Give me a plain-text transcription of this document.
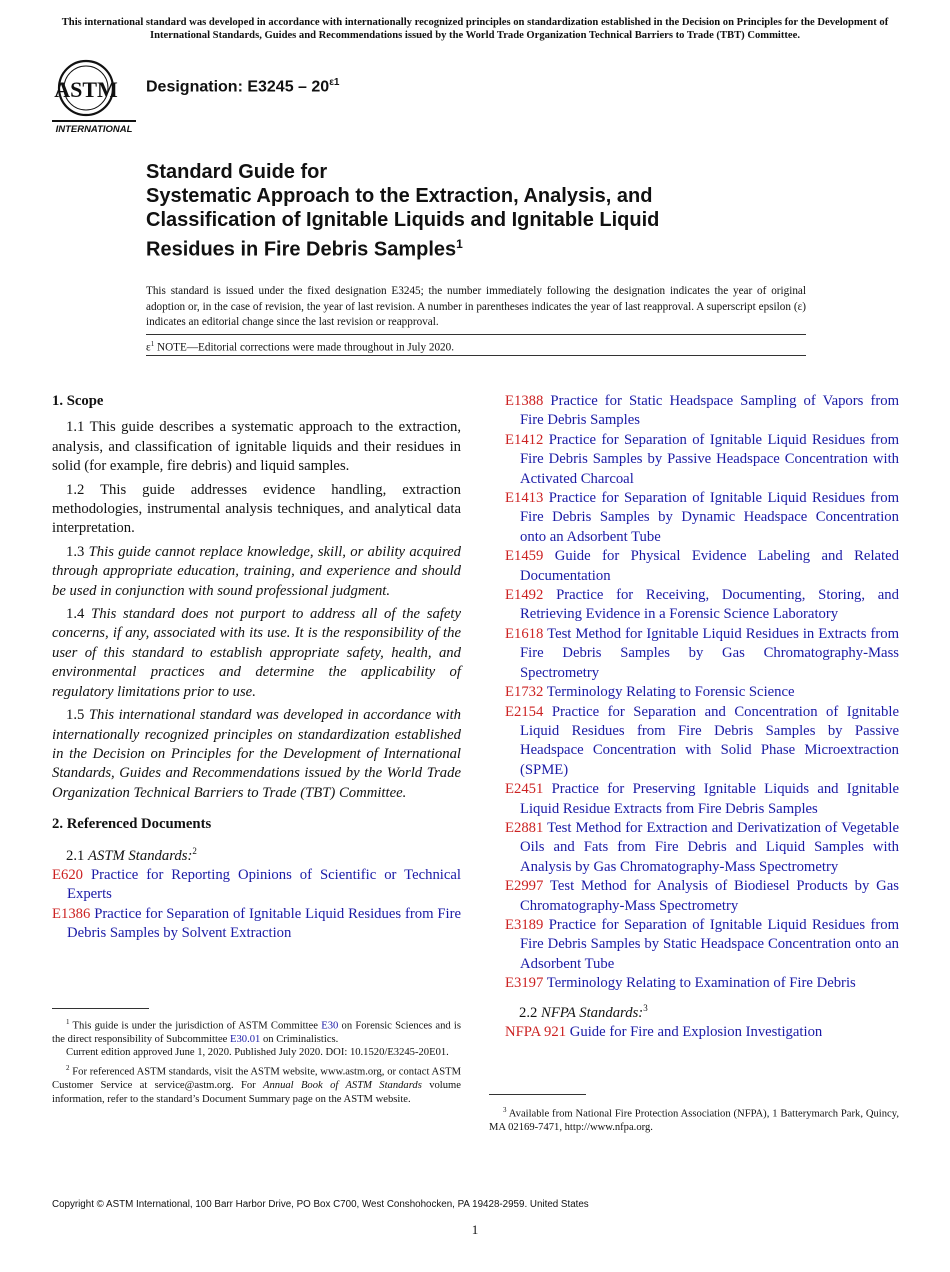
This international standard was developed in accordance with internationally recognized principles on standardization established in the Decision on Principles for the Development of International Standards, Guides and Recommendations issued by the World Trade Organization Technical Barriers to Trade (TBT) Committee.
ASTM
INTERNATIONAL
Designation: $E3245 - 20^{\varepsilon 1}$
Standard Guide for
Systematic Approach to the Extraction, Analysis, and
Classification of Ignitable Liquids and Ignitable Liquid
Residues in Fire Debris Samples$^1$

This standard is issued under the fixed designation E3245; the number immediately following the designation indicates the year of original adoption or, in the case of revision, the year of last revision. A number in parentheses indicates the year of last reapproval. A superscript epsilon (ε) indicates an editorial change since the last revision or reapproval.

$\varepsilon^1$ NOTE—Editorial corrections were made throughout in July 2020.
1. Scope

1.1 This guide describes a systematic approach to the extraction, analysis, and classification of ignitable liquids and their residues in solid (for example, fire debris) and liquid samples.

1.2 This guide addresses evidence handling, extraction methodologies, instrumental analysis techniques, and analytical data interpretation.

1.3 This guide cannot replace knowledge, skill, or ability acquired through appropriate education, training, and experience and should be used in conjunction with sound professional judgment.

1.4 This standard does not purport to address all of the safety concerns, if any, associated with its use. It is the responsibility of the user of this standard to establish appropriate safety, health, and environmental practices and determine the applicability of regulatory limitations prior to use.

1.5 This international standard was developed in accordance with internationally recognized principles on standardization established in the Decision on Principles for the Development of International Standards, Guides and Recommendations issued by the World Trade Organization Technical Barriers to Trade (TBT) Committee.

2. Referenced Documents

2.1 ASTM Standards:$^2$

E620 Practice for Reporting Opinions of Scientific or Technical Experts

E1386 Practice for Separation of Ignitable Liquid Residues from Fire Debris Samples by Solvent Extraction

$^1$ This guide is under the jurisdiction of ASTM Committee E30 on Forensic Sciences and is the direct responsibility of Subcommittee E30.01 on Criminalistics.
Current edition approved June 1, 2020. Published July 2020. DOI: 10.1520/E3245-20E01.

$^2$ For referenced ASTM standards, visit the ASTM website, www.astm.org, or contact ASTM Customer Service at service@astm.org. For Annual Book of ASTM Standards volume information, refer to the standard’s Document Summary page on the ASTM website.

E1388 Practice for Static Headspace Sampling of Vapors from Fire Debris Samples

E1412 Practice for Separation of Ignitable Liquid Residues from Fire Debris Samples by Passive Headspace Concentration with Activated Charcoal

E1413 Practice for Separation of Ignitable Liquid Residues from Fire Debris Samples by Dynamic Headspace Concentration onto an Adsorbent Tube

E1459 Guide for Physical Evidence Labeling and Related Documentation

E1492 Practice for Receiving, Documenting, Storing, and Retrieving Evidence in a Forensic Science Laboratory

E1618 Test Method for Ignitable Liquid Residues in Extracts from Fire Debris Samples by Gas Chromatography-Mass Spectrometry

E1732 Terminology Relating to Forensic Science

E2154 Practice for Separation and Concentration of Ignitable Liquid Residues from Fire Debris Samples by Passive Headspace Concentration with Solid Phase Microextraction (SPME)

E2451 Practice for Preserving Ignitable Liquids and Ignitable Liquid Residue Extracts from Fire Debris Samples

E2881 Test Method for Extraction and Derivatization of Vegetable Oils and Fats from Fire Debris and Liquid Samples with Analysis by Gas Chromatography-Mass Spectrometry

E2997 Test Method for Analysis of Biodiesel Products by Gas Chromatography-Mass Spectrometry

E3189 Practice for Separation of Ignitable Liquid Residues from Fire Debris Samples by Static Headspace Concentration onto an Adsorbent Tube

E3197 Terminology Relating to Examination of Fire Debris

2.2 NFPA Standards:$^3$

NFPA 921 Guide for Fire and Explosion Investigation

$^3$ Available from National Fire Protection Association (NFPA), 1 Batterymarch Park, Quincy, MA 02169-7471, http://www.nfpa.org.

Copyright © ASTM International, 100 Barr Harbor Drive, PO Box C700, West Conshohocken, PA 19428-2959. United States
1
